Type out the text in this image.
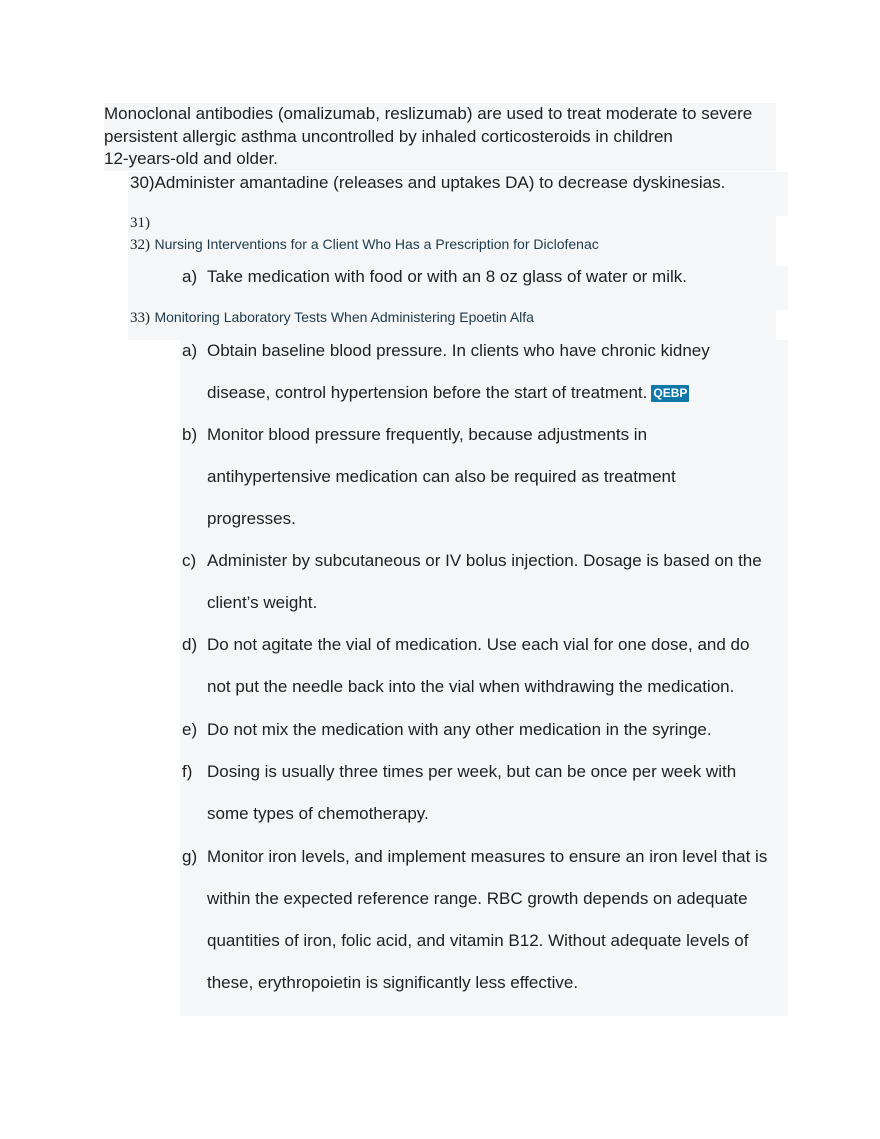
Monoclonal antibodies (omalizumab, reslizumab) are used to treat moderate to severe
persistent allergic asthma uncontrolled by inhaled corticosteroids in children
12-years-old and older.
30)Administer amantadine (releases and uptakes DA) to decrease dyskinesias.
31)
32) Nursing Interventions for a Client Who Has a Prescription for Diclofenac
a) Take medication with food or with an 8 oz glass of water or milk.
33) Monitoring Laboratory Tests When Administering Epoetin Alfa
a) Obtain baseline blood pressure. In clients who have chronic kidney
disease, control hypertension before the start of treatment. QEBP
b) Monitor blood pressure frequently, because adjustments in
antihypertensive medication can also be required as treatment
progresses.
c) Administer by subcutaneous or IV bolus injection. Dosage is based on the
client’s weight.
d) Do not agitate the vial of medication. Use each vial for one dose, and do
not put the needle back into the vial when withdrawing the medication.
e) Do not mix the medication with any other medication in the syringe.
f) Dosing is usually three times per week, but can be once per week with
some types of chemotherapy.
g) Monitor iron levels, and implement measures to ensure an iron level that is
within the expected reference range. RBC growth depends on adequate
quantities of iron, folic acid, and vitamin B12. Without adequate levels of
these, erythropoietin is significantly less effective.
